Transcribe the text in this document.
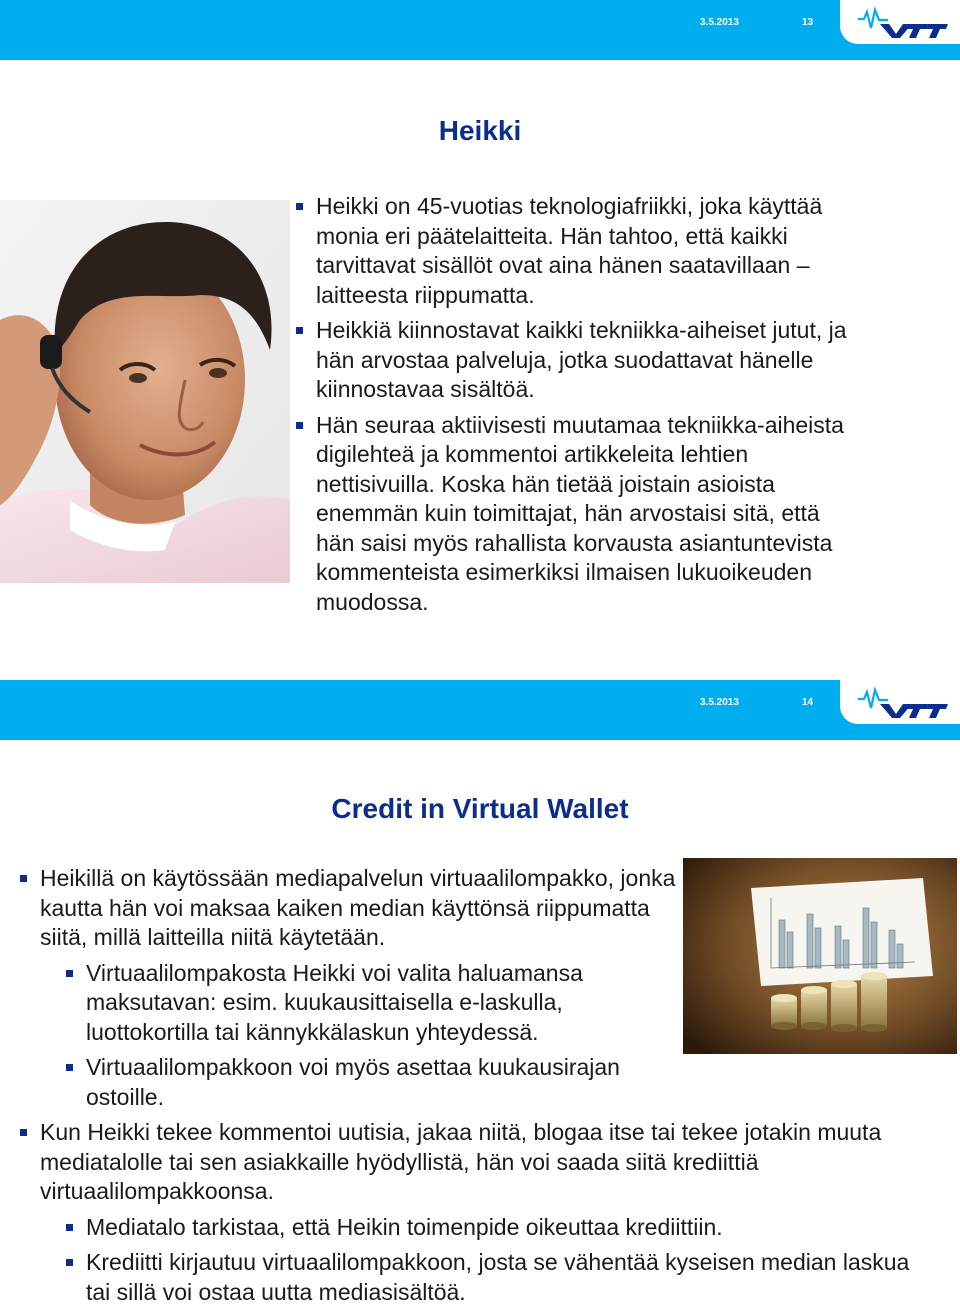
3.5.2013	13
Heikki
Heikki on 45-vuotias teknologiafriikki, joka käyttää monia eri päätelaitteita. Hän tahtoo, että kaikki tarvittavat sisällöt ovat aina hänen saatavillaan – laitteesta riippumatta.
Heikkiä kiinnostavat kaikki tekniikka-aiheiset jutut, ja hän arvostaa palveluja, jotka suodattavat hänelle kiinnostavaa sisältöä.
Hän seuraa aktiivisesti muutamaa tekniikka-aiheista digilehteä ja kommentoi artikkeleita lehtien nettisivuilla. Koska hän tietää joistain asioista enemmän kuin toimittajat, hän arvostaisi sitä, että hän saisi myös rahallista korvausta asiantuntevista kommenteista esimerkiksi ilmaisen lukuoikeuden muodossa.
3.5.2013	14
Credit in Virtual Wallet
Heikillä on käytössään mediapalvelun virtuaalilompakko, jonka kautta hän voi maksaa kaiken median käyttönsä riippumatta siitä, millä laitteilla niitä käytetään.
Virtuaalilompakosta Heikki voi valita haluamansa maksutavan: esim. kuukausittaisella e-laskulla, luottokortilla tai kännykkälaskun yhteydessä.
Virtuaalilompakkoon voi myös asettaa kuukausirajan ostoille.
Kun Heikki tekee kommentoi uutisia, jakaa niitä, blogaa itse tai tekee jotakin muuta mediatalolle tai sen asiakkaille hyödyllistä, hän voi saada siitä krediittiä virtuaalilompakkoonsa.
Mediatalo tarkistaa, että Heikin toimenpide oikeuttaa krediittiin.
Krediitti kirjautuu virtuaalilompakkoon, josta se vähentää kyseisen median laskua tai sillä voi ostaa uutta mediasisältöä.
